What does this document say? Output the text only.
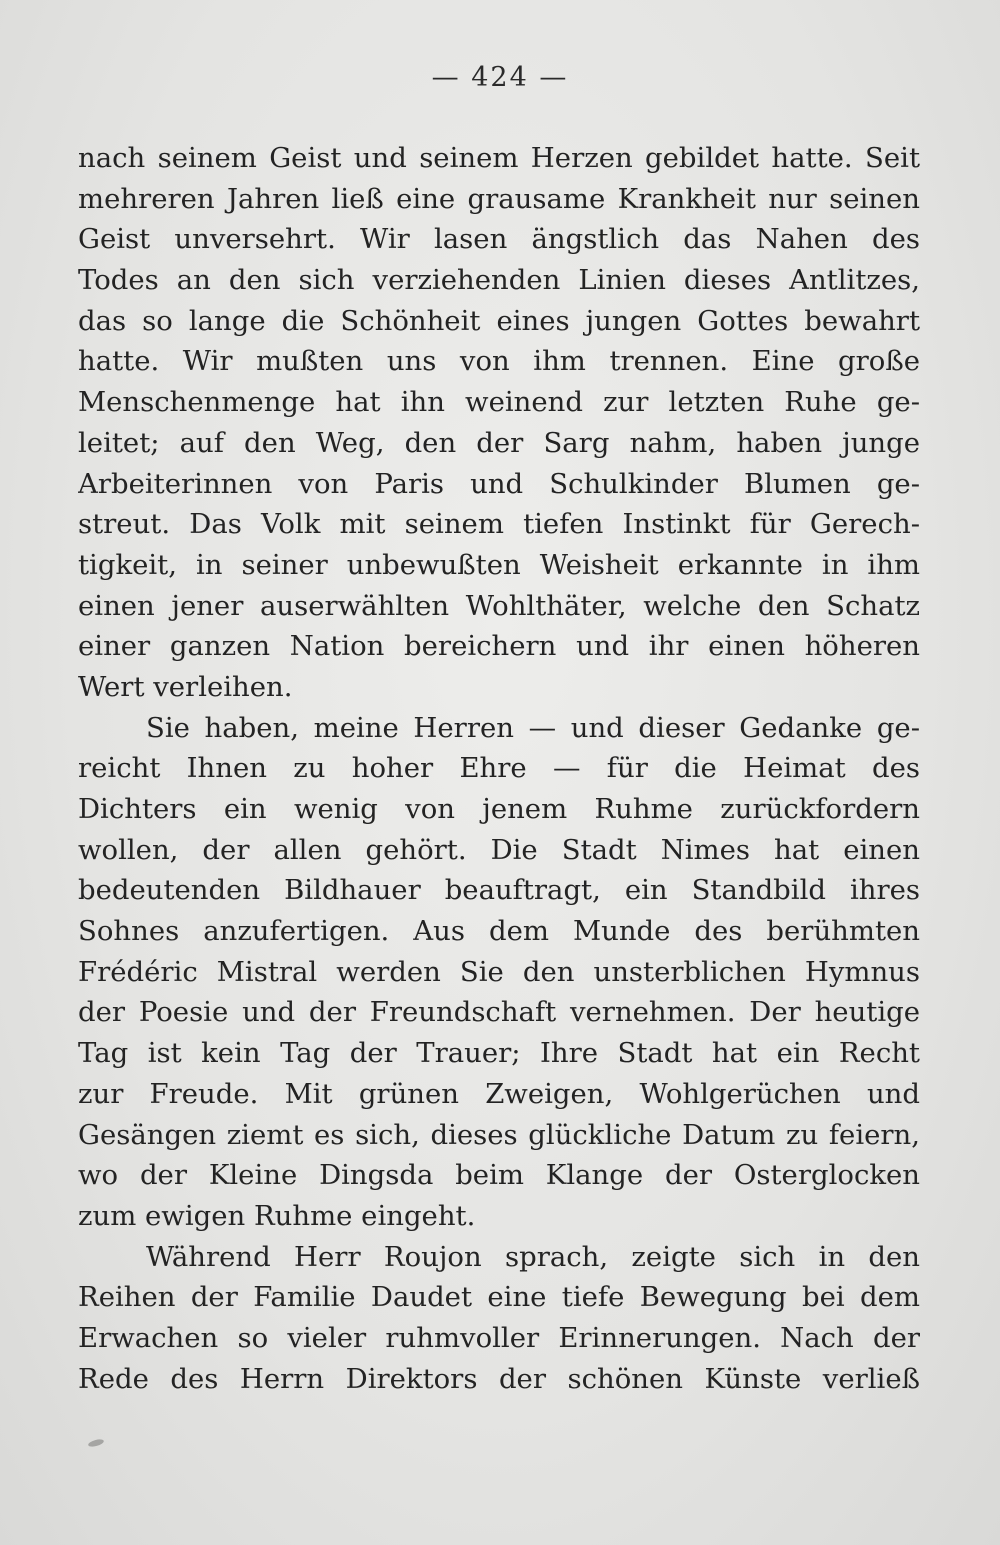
— 424 —
nach seinem Geist und seinem Herzen gebildet hatte. Seit
mehreren Jahren ließ eine grausame Krankheit nur seinen
Geist unversehrt. Wir lasen ängstlich das Nahen des
Todes an den sich verziehenden Linien dieses Antlitzes,
das so lange die Schönheit eines jungen Gottes bewahrt
hatte. Wir mußten uns von ihm trennen. Eine große
Menschenmenge hat ihn weinend zur letzten Ruhe ge-
leitet; auf den Weg, den der Sarg nahm, haben junge
Arbeiterinnen von Paris und Schulkinder Blumen ge-
streut. Das Volk mit seinem tiefen Instinkt für Gerech-
tigkeit, in seiner unbewußten Weisheit erkannte in ihm
einen jener auserwählten Wohlthäter, welche den Schatz
einer ganzen Nation bereichern und ihr einen höheren
Wert verleihen.
Sie haben, meine Herren — und dieser Gedanke ge-
reicht Ihnen zu hoher Ehre — für die Heimat des
Dichters ein wenig von jenem Ruhme zurückfordern
wollen, der allen gehört. Die Stadt Nimes hat einen
bedeutenden Bildhauer beauftragt, ein Standbild ihres
Sohnes anzufertigen. Aus dem Munde des berühmten
Frédéric Mistral werden Sie den unsterblichen Hymnus
der Poesie und der Freundschaft vernehmen. Der heutige
Tag ist kein Tag der Trauer; Ihre Stadt hat ein Recht
zur Freude. Mit grünen Zweigen, Wohlgerüchen und
Gesängen ziemt es sich, dieses glückliche Datum zu feiern,
wo der Kleine Dingsda beim Klange der Osterglocken
zum ewigen Ruhme eingeht.
Während Herr Roujon sprach, zeigte sich in den
Reihen der Familie Daudet eine tiefe Bewegung bei dem
Erwachen so vieler ruhmvoller Erinnerungen. Nach der
Rede des Herrn Direktors der schönen Künste verließ
